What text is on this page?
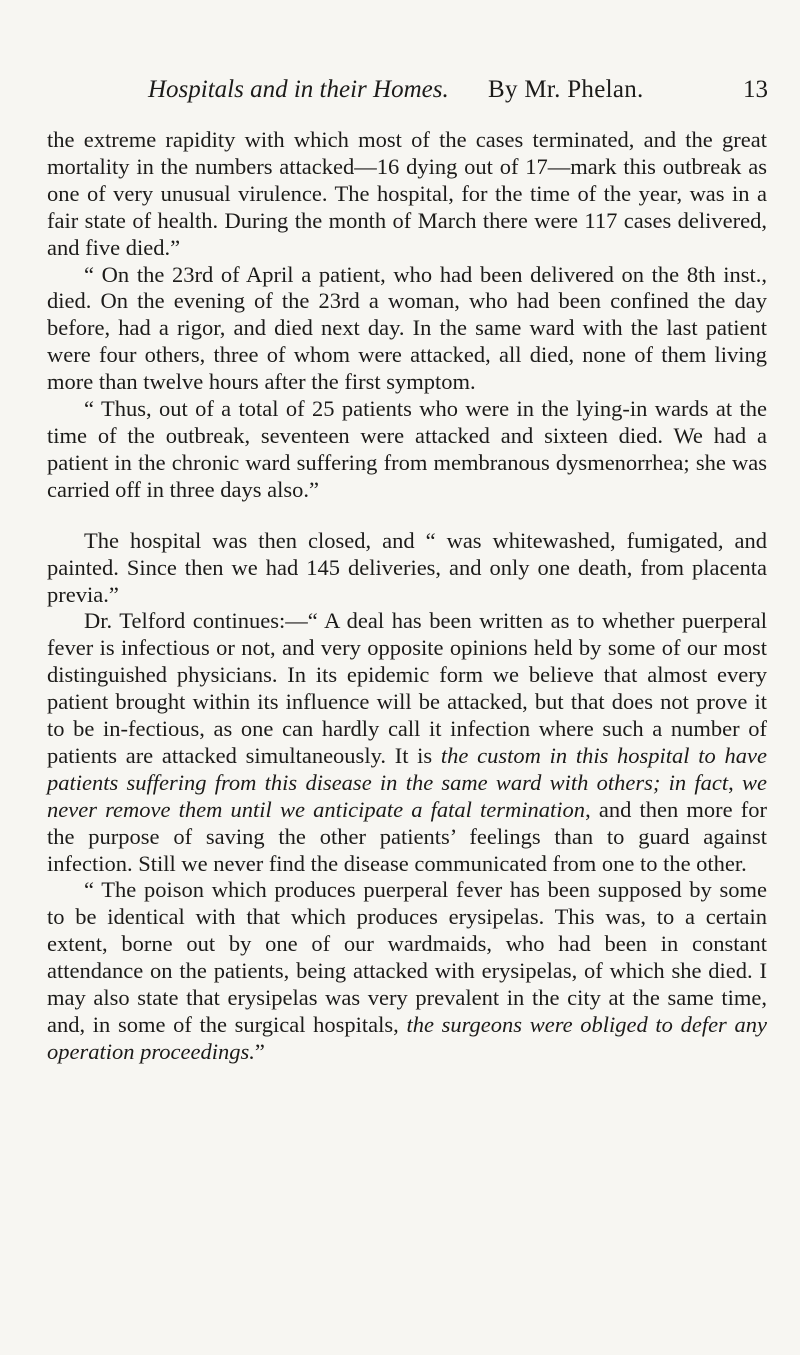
Hospitals and in their Homes. By Mr. Phelan.	13

the extreme rapidity with which most of the cases terminated, and the great mortality in the numbers attacked—16 dying out of 17—mark this outbreak as one of very unusual virulence. The hospital, for the time of the year, was in a fair state of health. During the month of March there were 117 cases delivered, and five died.”

“ On the 23rd of April a patient, who had been delivered on the 8th inst., died. On the evening of the 23rd a woman, who had been confined the day before, had a rigor, and died next day. In the same ward with the last patient were four others, three of whom were attacked, all died, none of them living more than twelve hours after the first symptom.

“ Thus, out of a total of 25 patients who were in the lying-in wards at the time of the outbreak, seventeen were attacked and sixteen died. We had a patient in the chronic ward suffering from membranous dysmenorrhea; she was carried off in three days also.”

The hospital was then closed, and “ was whitewashed, fumigated, and painted. Since then we had 145 deliveries, and only one death, from placenta previa.”

Dr. Telford continues:—“ A deal has been written as to whether puerperal fever is infectious or not, and very opposite opinions held by some of our most distinguished physicians. In its epidemic form we believe that almost every patient brought within its influence will be attacked, but that does not prove it to be in-fectious, as one can hardly call it infection where such a number of patients are attacked simultaneously. It is the custom in this hospital to have patients suffering from this disease in the same ward with others; in fact, we never remove them until we anticipate a fatal termination, and then more for the purpose of saving the other patients’ feelings than to guard against infection. Still we never find the disease communicated from one to the other.

“ The poison which produces puerperal fever has been supposed by some to be identical with that which produces erysipelas. This was, to a certain extent, borne out by one of our wardmaids, who had been in constant attendance on the patients, being attacked with erysipelas, of which she died. I may also state that erysipelas was very prevalent in the city at the same time, and, in some of the surgical hospitals, the surgeons were obliged to defer any operation proceedings.”
